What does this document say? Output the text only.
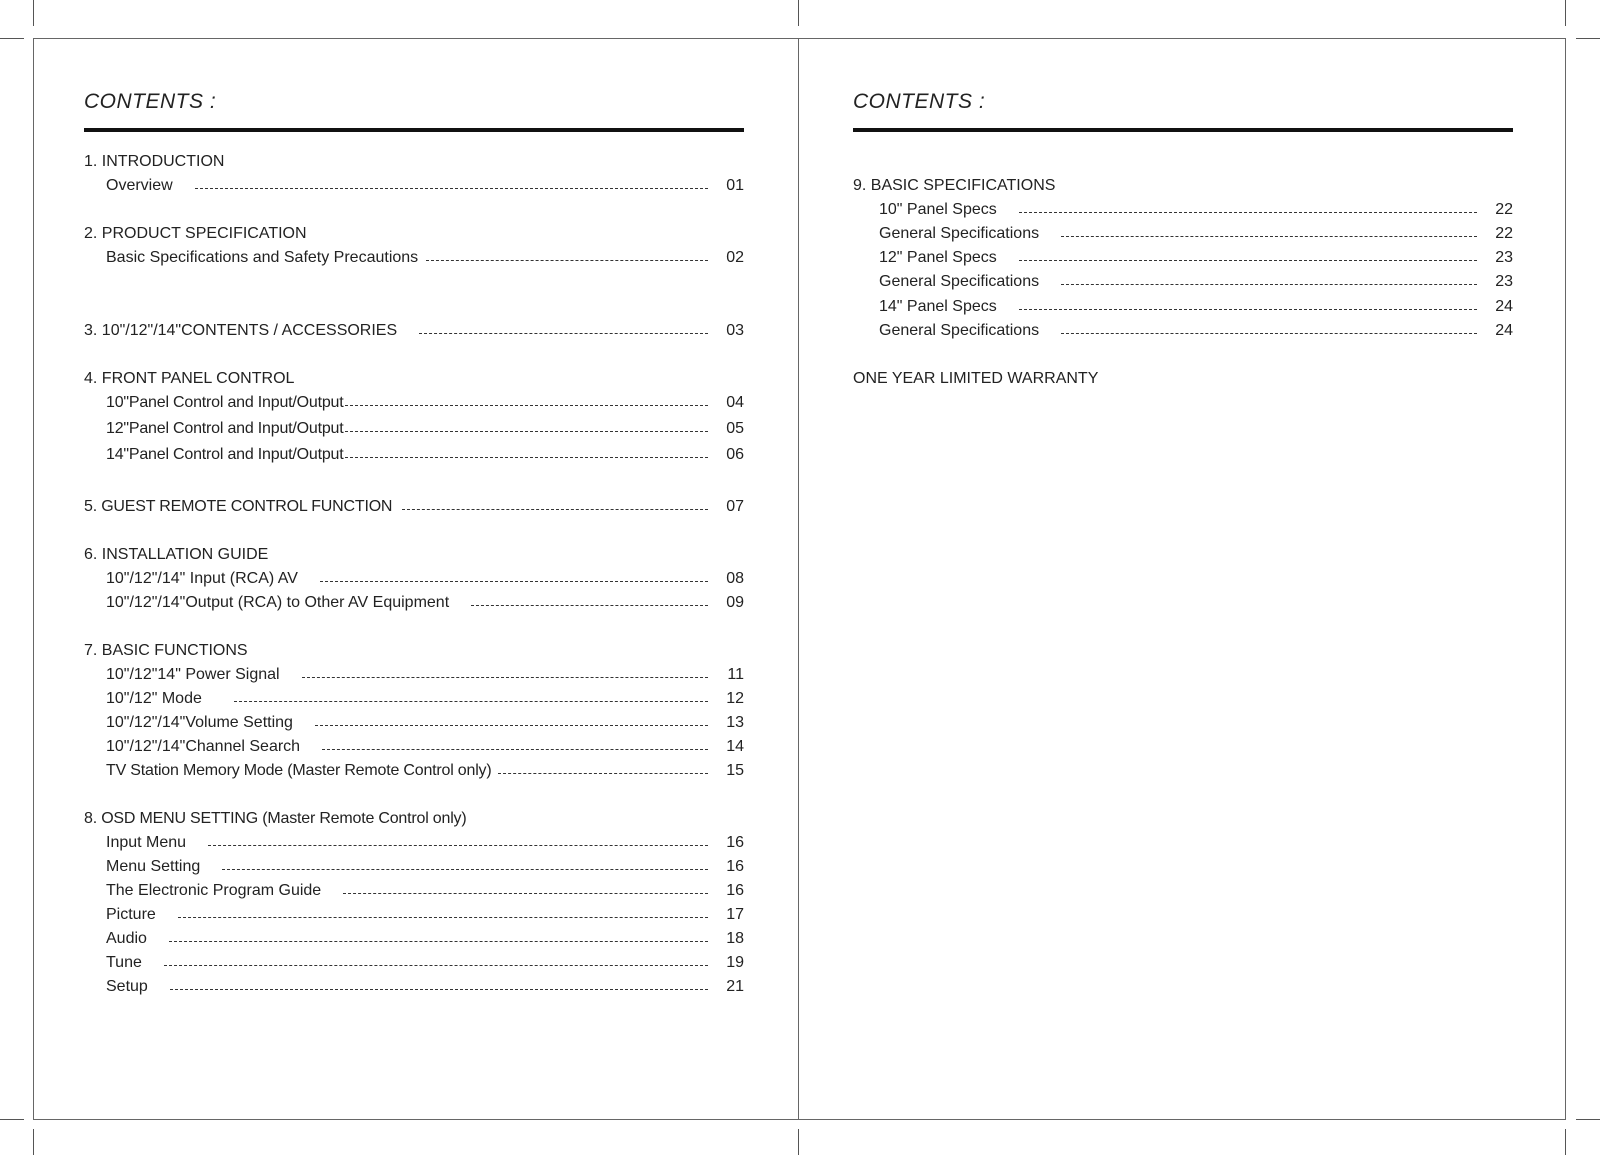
CONTENTS :
1. INTRODUCTION
Overview	01
2. PRODUCT SPECIFICATION
Basic Specifications and Safety Precautions	02
3. 10"/12"/14"CONTENTS / ACCESSORIES	03
4. FRONT PANEL CONTROL
10"Panel Control and Input/Output	04
12"Panel Control and Input/Output	05
14"Panel Control and Input/Output	06
5. GUEST REMOTE CONTROL FUNCTION	07
6. INSTALLATION GUIDE
10"/12"/14" Input (RCA) AV	08
10"/12"/14"Output (RCA) to Other AV Equipment	09
7. BASIC FUNCTIONS
10"/12"14" Power Signal	11
10"/12" Mode	12
10"/12"/14"Volume Setting	13
10"/12"/14"Channel Search	14
TV Station Memory Mode (Master Remote Control only)	15
8. OSD MENU SETTING (Master Remote Control only)
Input Menu	16
Menu Setting	16
The Electronic Program Guide	16
Picture	17
Audio	18
Tune	19
Setup	21
CONTENTS :
9. BASIC SPECIFICATIONS
10" Panel Specs	22
General Specifications	22
12" Panel Specs	23
General Specifications	23
14" Panel Specs	24
General Specifications	24
ONE YEAR LIMITED WARRANTY
